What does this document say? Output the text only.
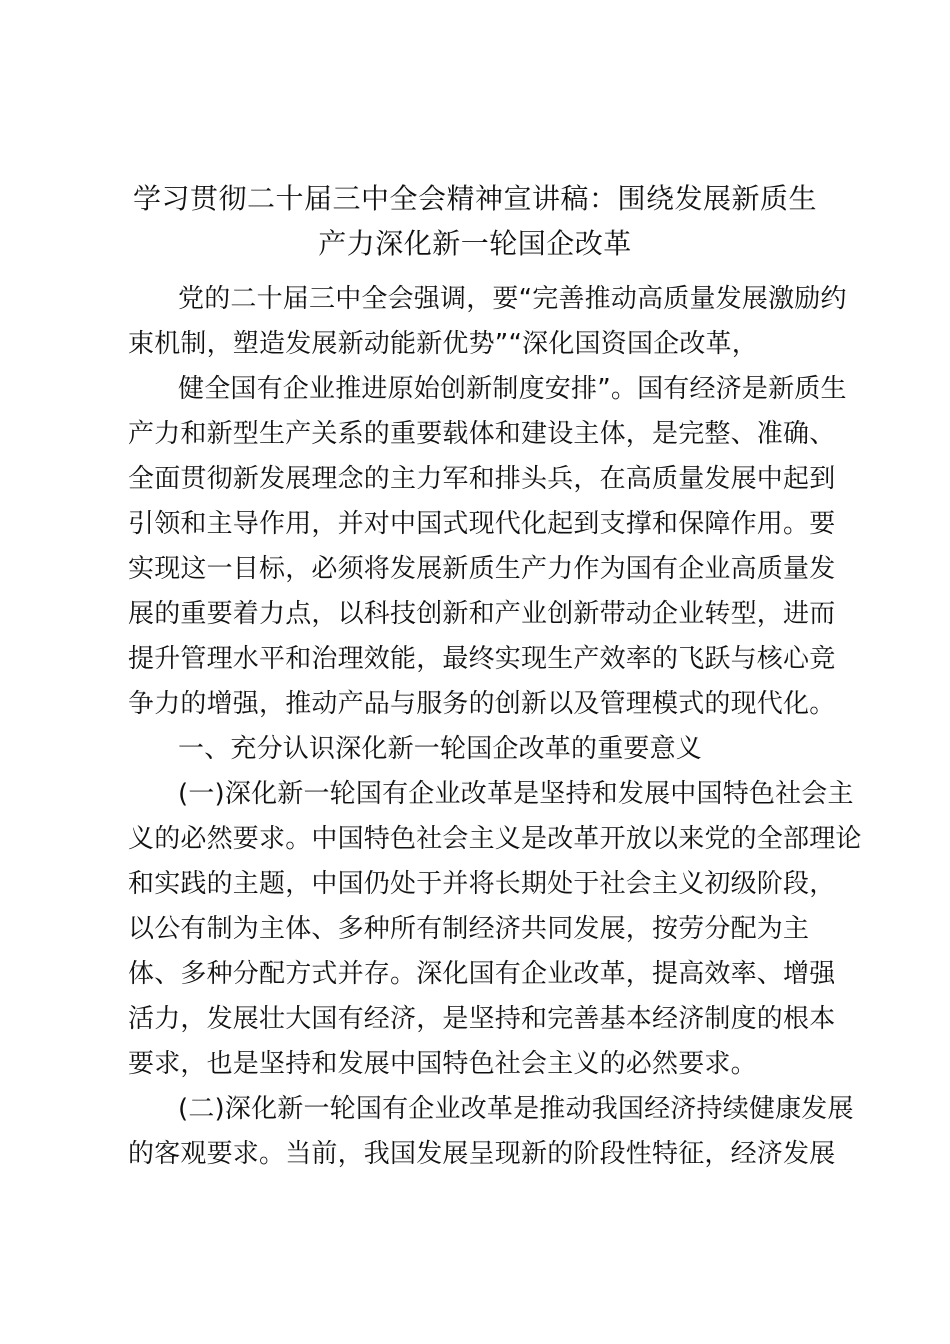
学习贯彻二十届三中全会精神宣讲稿：围绕发展新质生
产力深化新一轮国企改革
党的二十届三中全会强调，要“完善推动高质量发展激励约
束机制，塑造发展新动能新优势”“深化国资国企改革，
健全国有企业推进原始创新制度安排”。国有经济是新质生
产力和新型生产关系的重要载体和建设主体，是完整、准确、
全面贯彻新发展理念的主力军和排头兵，在高质量发展中起到
引领和主导作用，并对中国式现代化起到支撑和保障作用。要
实现这一目标，必须将发展新质生产力作为国有企业高质量发
展的重要着力点，以科技创新和产业创新带动企业转型，进而
提升管理水平和治理效能，最终实现生产效率的飞跃与核心竞
争力的增强，推动产品与服务的创新以及管理模式的现代化。
一、充分认识深化新一轮国企改革的重要意义
(一)深化新一轮国有企业改革是坚持和发展中国特色社会主
义的必然要求。中国特色社会主义是改革开放以来党的全部理论
和实践的主题，中国仍处于并将长期处于社会主义初级阶段，
以公有制为主体、多种所有制经济共同发展，按劳分配为主
体、多种分配方式并存。深化国有企业改革，提高效率、增强
活力，发展壮大国有经济，是坚持和完善基本经济制度的根本
要求，也是坚持和发展中国特色社会主义的必然要求。
(二)深化新一轮国有企业改革是推动我国经济持续健康发展
的客观要求。当前，我国发展呈现新的阶段性特征，经济发展
